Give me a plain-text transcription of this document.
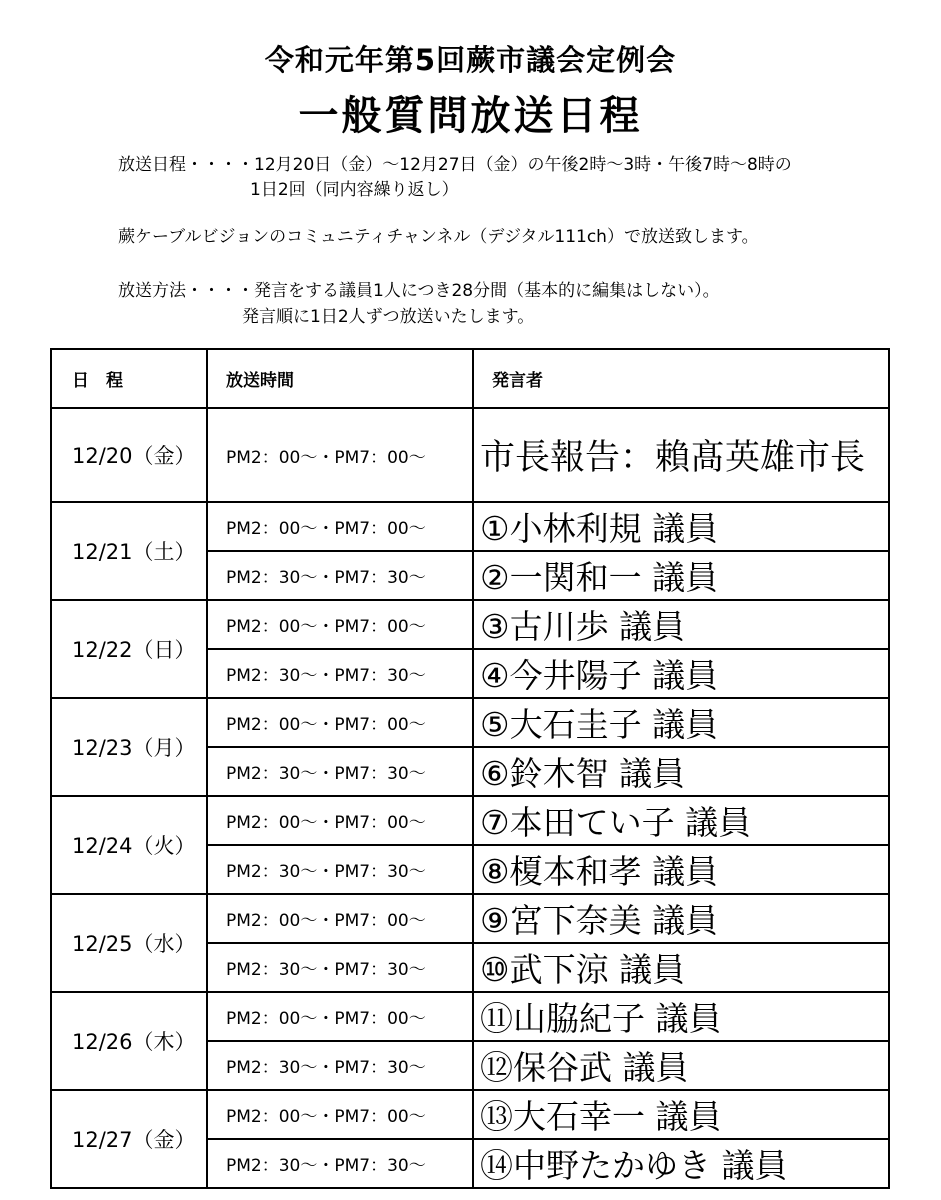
令和元年第5回蕨市議会定例会
一般質問放送日程
放送日程・・・・12月20日（金）～12月27日（金）の午後2時～3時・午後7時～8時の
1日2回（同内容繰り返し）
蕨ケーブルビジョンのコミュニティチャンネル（デジタル111ch）で放送致します。
放送方法・・・・発言をする議員1人につき28分間（基本的に編集はしない）。
発言順に1日2人ずつ放送いたします。
日　程	放送時間	発言者
12/20（金）	PM2：00～・PM7：00～	市長報告：賴髙英雄市長
12/21（土）	PM2：00～・PM7：00～	①小林利規 議員
	PM2：30～・PM7：30～	②一関和一 議員
12/22（日）	PM2：00～・PM7：00～	③古川歩 議員
	PM2：30～・PM7：30～	④今井陽子 議員
12/23（月）	PM2：00～・PM7：00～	⑤大石圭子 議員
	PM2：30～・PM7：30～	⑥鈴木智 議員
12/24（火）	PM2：00～・PM7：00～	⑦本田てい子 議員
	PM2：30～・PM7：30～	⑧榎本和孝 議員
12/25（水）	PM2：00～・PM7：00～	⑨宮下奈美 議員
	PM2：30～・PM7：30～	⑩武下涼 議員
12/26（木）	PM2：00～・PM7：00～	⑪山脇紀子 議員
	PM2：30～・PM7：30～	⑫保谷武 議員
12/27（金）	PM2：00～・PM7：00～	⑬大石幸一 議員
	PM2：30～・PM7：30～	⑭中野たかゆき 議員
